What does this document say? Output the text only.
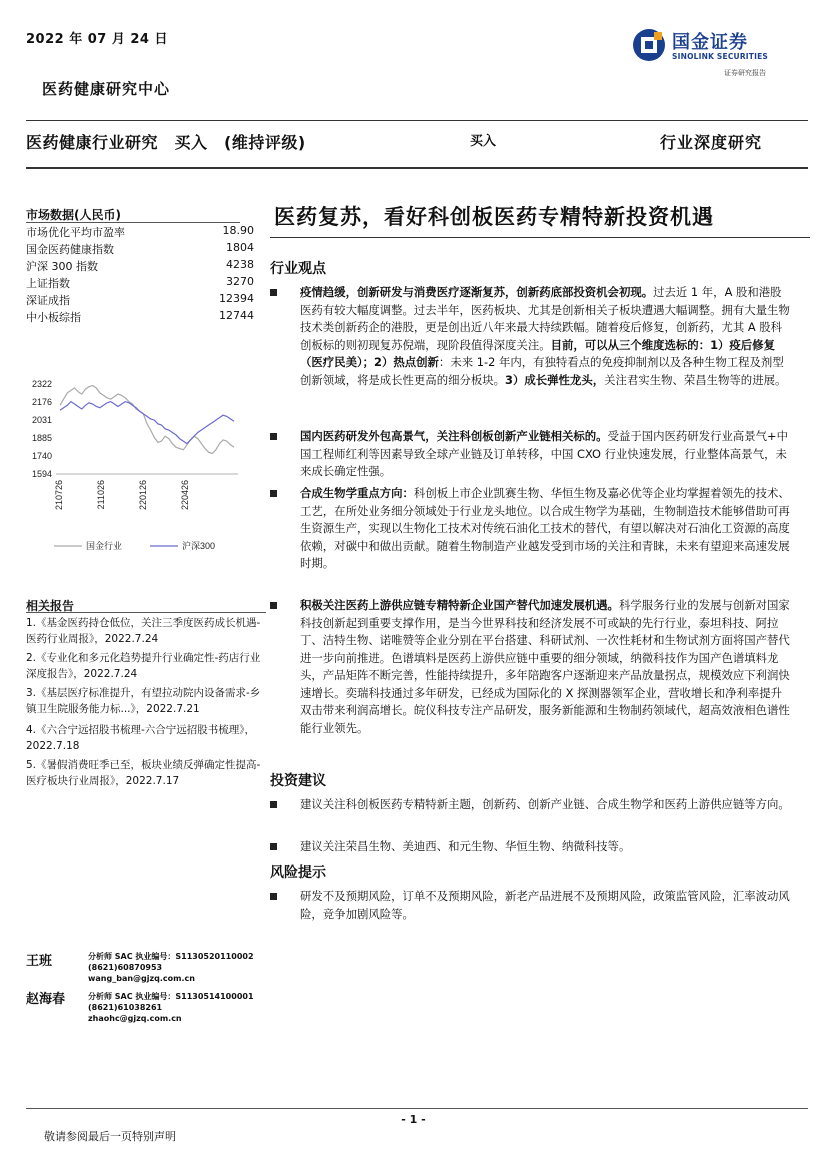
2022 年 07 月 24 日	国金证券
SINOLINK SECURITIES
证券研究报告
医药健康研究中心
医药健康行业研究　买入　(维持评级)	买入	行业深度研究
市场数据(人民币)
市场优化平均市盈率	18.90
国金医药健康指数	1804
沪深 300 指数	4238
上证指数	3270
深证成指	12394
中小板综指	12744
2322
2176
2031
1885
1740
1594
210726	211026	220126	220426
国金行业	沪深300
相关报告
1.《基金医药持仓低位，关注三季度医药成长机遇-医药行业周报》，2022.7.24
2.《专业化和多元化趋势提升行业确定性-药店行业深度报告》，2022.7.24
3.《基层医疗标准提升，有望拉动院内设备需求-乡镇卫生院服务能力标...》，2022.7.21
4.《六合宁远招股书梳理-六合宁远招股书梳理》，2022.7.18
5.《暑假消费旺季已至，板块业绩反弹确定性提高-医疗板块行业周报》，2022.7.17
医药复苏，看好科创板医药专精特新投资机遇
行业观点
疫情趋缓，创新研发与消费医疗逐渐复苏，创新药底部投资机会初现。过去近 1 年，A 股和港股医药有较大幅度调整。过去半年，医药板块、尤其是创新相关子板块遭遇大幅调整。拥有大量生物技术类创新药企的港股，更是创出近八年来最大持续跌幅。随着疫后修复，创新药，尤其 A 股科创板标的则初现复苏倪端，现阶段值得深度关注。目前，可以从三个维度选标的：1）疫后修复（医疗民美）；2）热点创新：未来 1-2 年内，有独特看点的免疫抑制剂以及各种生物工程及剂型创新领域，将是成长性更高的细分板块。3）成长弹性龙头，关注君实生物、荣昌生物等的进展。
国内医药研发外包高景气，关注科创板创新产业链相关标的。受益于国内医药研发行业高景气+中国工程师红利等因素导致全球产业链及订单转移，中国 CXO 行业快速发展，行业整体高景气，未来成长确定性强。
合成生物学重点方向：科创板上市企业凯赛生物、华恒生物及嘉必优等企业均掌握着领先的技术、工艺，在所处业务细分领域处于行业龙头地位。以合成生物学为基础，生物制造技术能够借助可再生资源生产，实现以生物化工技术对传统石油化工技术的替代，有望以解决对石油化工资源的高度依赖，对碳中和做出贡献。随着生物制造产业越发受到市场的关注和青睐，未来有望迎来高速发展时期。
积极关注医药上游供应链专精特新企业国产替代加速发展机遇。科学服务行业的发展与创新对国家科技创新起到重要支撑作用，是当今世界科技和经济发展不可或缺的先行行业，泰坦科技、阿拉丁、洁特生物、诺唯赞等企业分别在平台搭建、科研试剂、一次性耗材和生物试剂方面将国产替代进一步向前推进。色谱填料是医药上游供应链中重要的细分领域，纳微科技作为国产色谱填料龙头，产品矩阵不断完善，性能持续提升，多年陪跑客户逐渐迎来产品放量拐点，规模效应下利润快速增长。奕瑞科技通过多年研发，已经成为国际化的 X 探测器领军企业，营收增长和净利率提升双击带来利润高增长。皖仪科技专注产品研发，服务新能源和生物制药领域代，超高效液相色谱性能行业领先。
投资建议
建议关注科创板医药专精特新主题，创新药、创新产业链、合成生物学和医药上游供应链等方向。
建议关注荣昌生物、美迪西、和元生物、华恒生物、纳微科技等。
风险提示
研发不及预期风险，订单不及预期风险，新老产品进展不及预期风险，政策监管风险，汇率波动风险，竞争加剧风险等。
王班	分析师 SAC 执业编号：S1130520110002
(8621)60870953
wang_ban@gjzq.com.cn
赵海春	分析师 SAC 执业编号：S1130514100001
(8621)61038261
zhaohc@gjzq.com.cn
- 1 -
敬请参阅最后一页特别声明
